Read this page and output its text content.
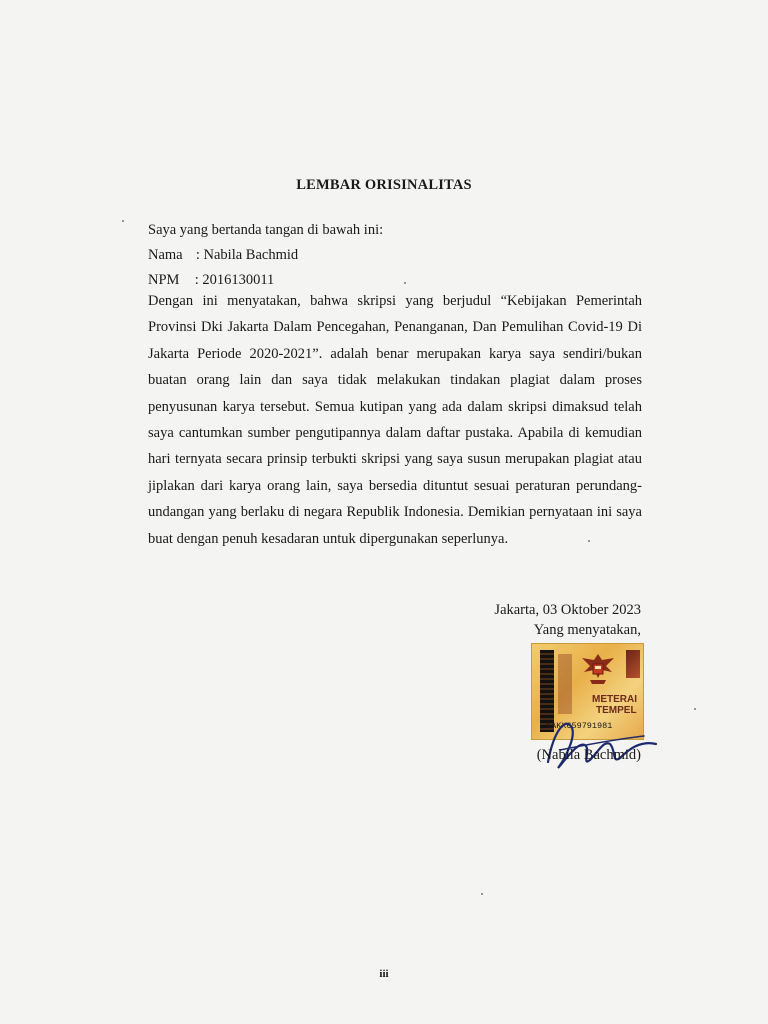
LEMBAR ORISINALITAS
Saya yang bertanda tangan di bawah ini:
Nama : Nabila Bachmid
NPM : 2016130011
Dengan ini menyatakan, bahwa skripsi yang berjudul “Kebijakan Pemerintah Provinsi Dki Jakarta Dalam Pencegahan, Penanganan, Dan Pemulihan Covid-19 Di Jakarta Periode 2020-2021”. adalah benar merupakan karya saya sendiri/bukan buatan orang lain dan saya tidak melakukan tindakan plagiat dalam proses penyusunan karya tersebut. Semua kutipan yang ada dalam skripsi dimaksud telah saya cantumkan sumber pengutipannya dalam daftar pustaka. Apabila di kemudian hari ternyata secara prinsip terbukti skripsi yang saya susun merupakan plagiat atau jiplakan dari karya orang lain, saya bersedia dituntut sesuai peraturan perundang-undangan yang berlaku di negara Republik Indonesia. Demikian pernyataan ini saya buat dengan penuh kesadaran untuk dipergunakan seperlunya.
Jakarta, 03 Oktober 2023
Yang menyatakan,
METERAI
TEMPEL
SAKX659791981
(Nabila Bachmid)
iii
